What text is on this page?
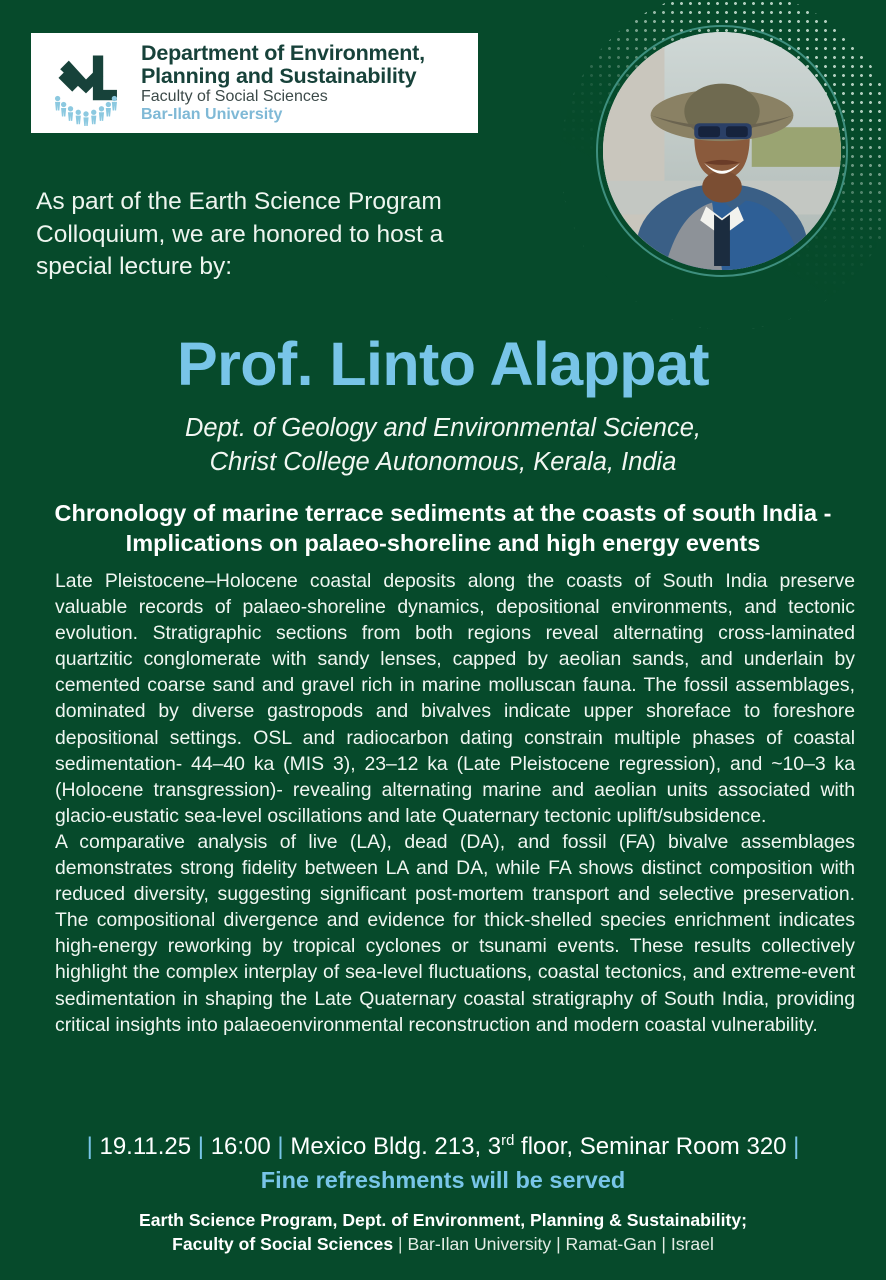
Department of Environment,
Planning and Sustainability
Faculty of Social Sciences
Bar-Ilan University
As part of the Earth Science Program Colloquium, we are honored to host a special lecture by:
Prof. Linto Alappat
Dept. of Geology and Environmental Science,
Christ College Autonomous, Kerala, India
Chronology of marine terrace sediments at the coasts of south India - Implications on palaeo-shoreline and high energy events

Late Pleistocene–Holocene coastal deposits along the coasts of South India preserve valuable records of palaeo-shoreline dynamics, depositional environments, and tectonic evolution. Stratigraphic sections from both regions reveal alternating cross-laminated quartzitic conglomerate with sandy lenses, capped by aeolian sands, and underlain by cemented coarse sand and gravel rich in marine molluscan fauna. The fossil assemblages, dominated by diverse gastropods and bivalves indicate upper shoreface to foreshore depositional settings. OSL and radiocarbon dating constrain multiple phases of coastal sedimentation- 44–40 ka (MIS 3), 23–12 ka (Late Pleistocene regression), and ~10–3 ka (Holocene transgression)- revealing alternating marine and aeolian units associated with glacio-eustatic sea-level oscillations and late Quaternary tectonic uplift/subsidence.

A comparative analysis of live (LA), dead (DA), and fossil (FA) bivalve assemblages demonstrates strong fidelity between LA and DA, while FA shows distinct composition with reduced diversity, suggesting significant post-mortem transport and selective preservation. The compositional divergence and evidence for thick-shelled species enrichment indicates high-energy reworking by tropical cyclones or tsunami events. These results collectively highlight the complex interplay of sea-level fluctuations, coastal tectonics, and extreme-event sedimentation in shaping the Late Quaternary coastal stratigraphy of South India, providing critical insights into palaeoenvironmental reconstruction and modern coastal vulnerability.

| 19.11.25 | 16:00 | Mexico Bldg. 213, 3rd floor, Seminar Room 320 |
Fine refreshments will be served
Earth Science Program, Dept. of Environment, Planning & Sustainability;
Faculty of Social Sciences | Bar-Ilan University | Ramat-Gan | Israel
